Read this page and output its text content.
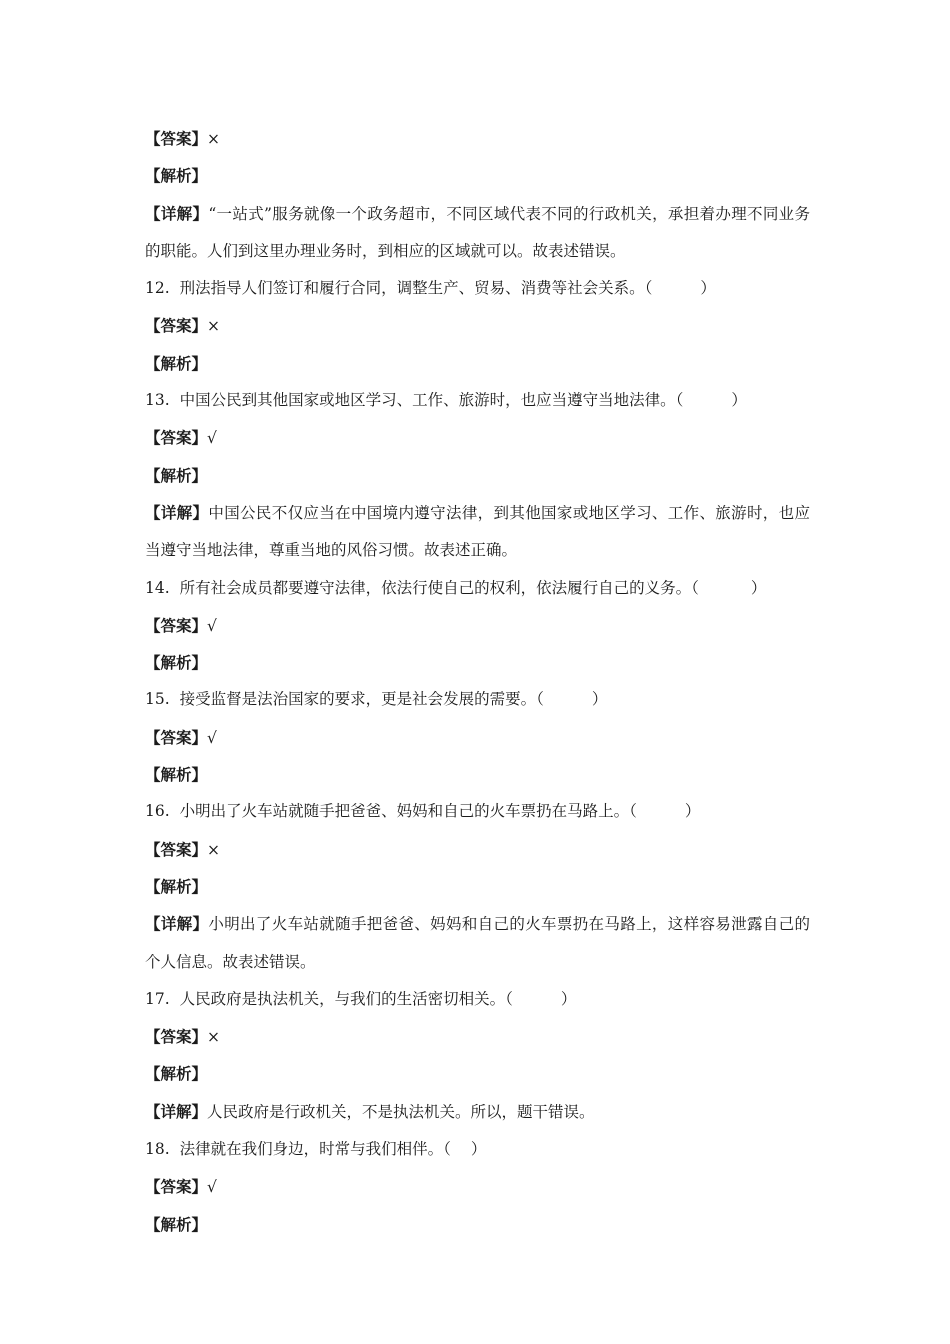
【答案】×
【解析】
【详解】“一站式”服务就像一个政务超市，不同区域代表不同的行政机关，承担着办理不同业务的职能。人们到这里办理业务时，到相应的区域就可以。故表述错误。
12. 刑法指导人们签订和履行合同，调整生产、贸易、消费等社会关系。（	）
【答案】×
【解析】
13. 中国公民到其他国家或地区学习、工作、旅游时，也应当遵守当地法律。（	）
【答案】√
【解析】
【详解】中国公民不仅应当在中国境内遵守法律，到其他国家或地区学习、工作、旅游时，也应当遵守当地法律，尊重当地的风俗习惯。故表述正确。
14. 所有社会成员都要遵守法律，依法行使自己的权利，依法履行自己的义务。（	）
【答案】√
【解析】
15. 接受监督是法治国家的要求，更是社会发展的需要。（	）
【答案】√
【解析】
16. 小明出了火车站就随手把爸爸、妈妈和自己的火车票扔在马路上。（	）
【答案】×
【解析】
【详解】小明出了火车站就随手把爸爸、妈妈和自己的火车票扔在马路上，这样容易泄露自己的个人信息。故表述错误。
17. 人民政府是执法机关，与我们的生活密切相关。（	）
【答案】×
【解析】
【详解】人民政府是行政机关，不是执法机关。所以，题干错误。
18. 法律就在我们身边，时常与我们相伴。（ ）
【答案】√
【解析】
